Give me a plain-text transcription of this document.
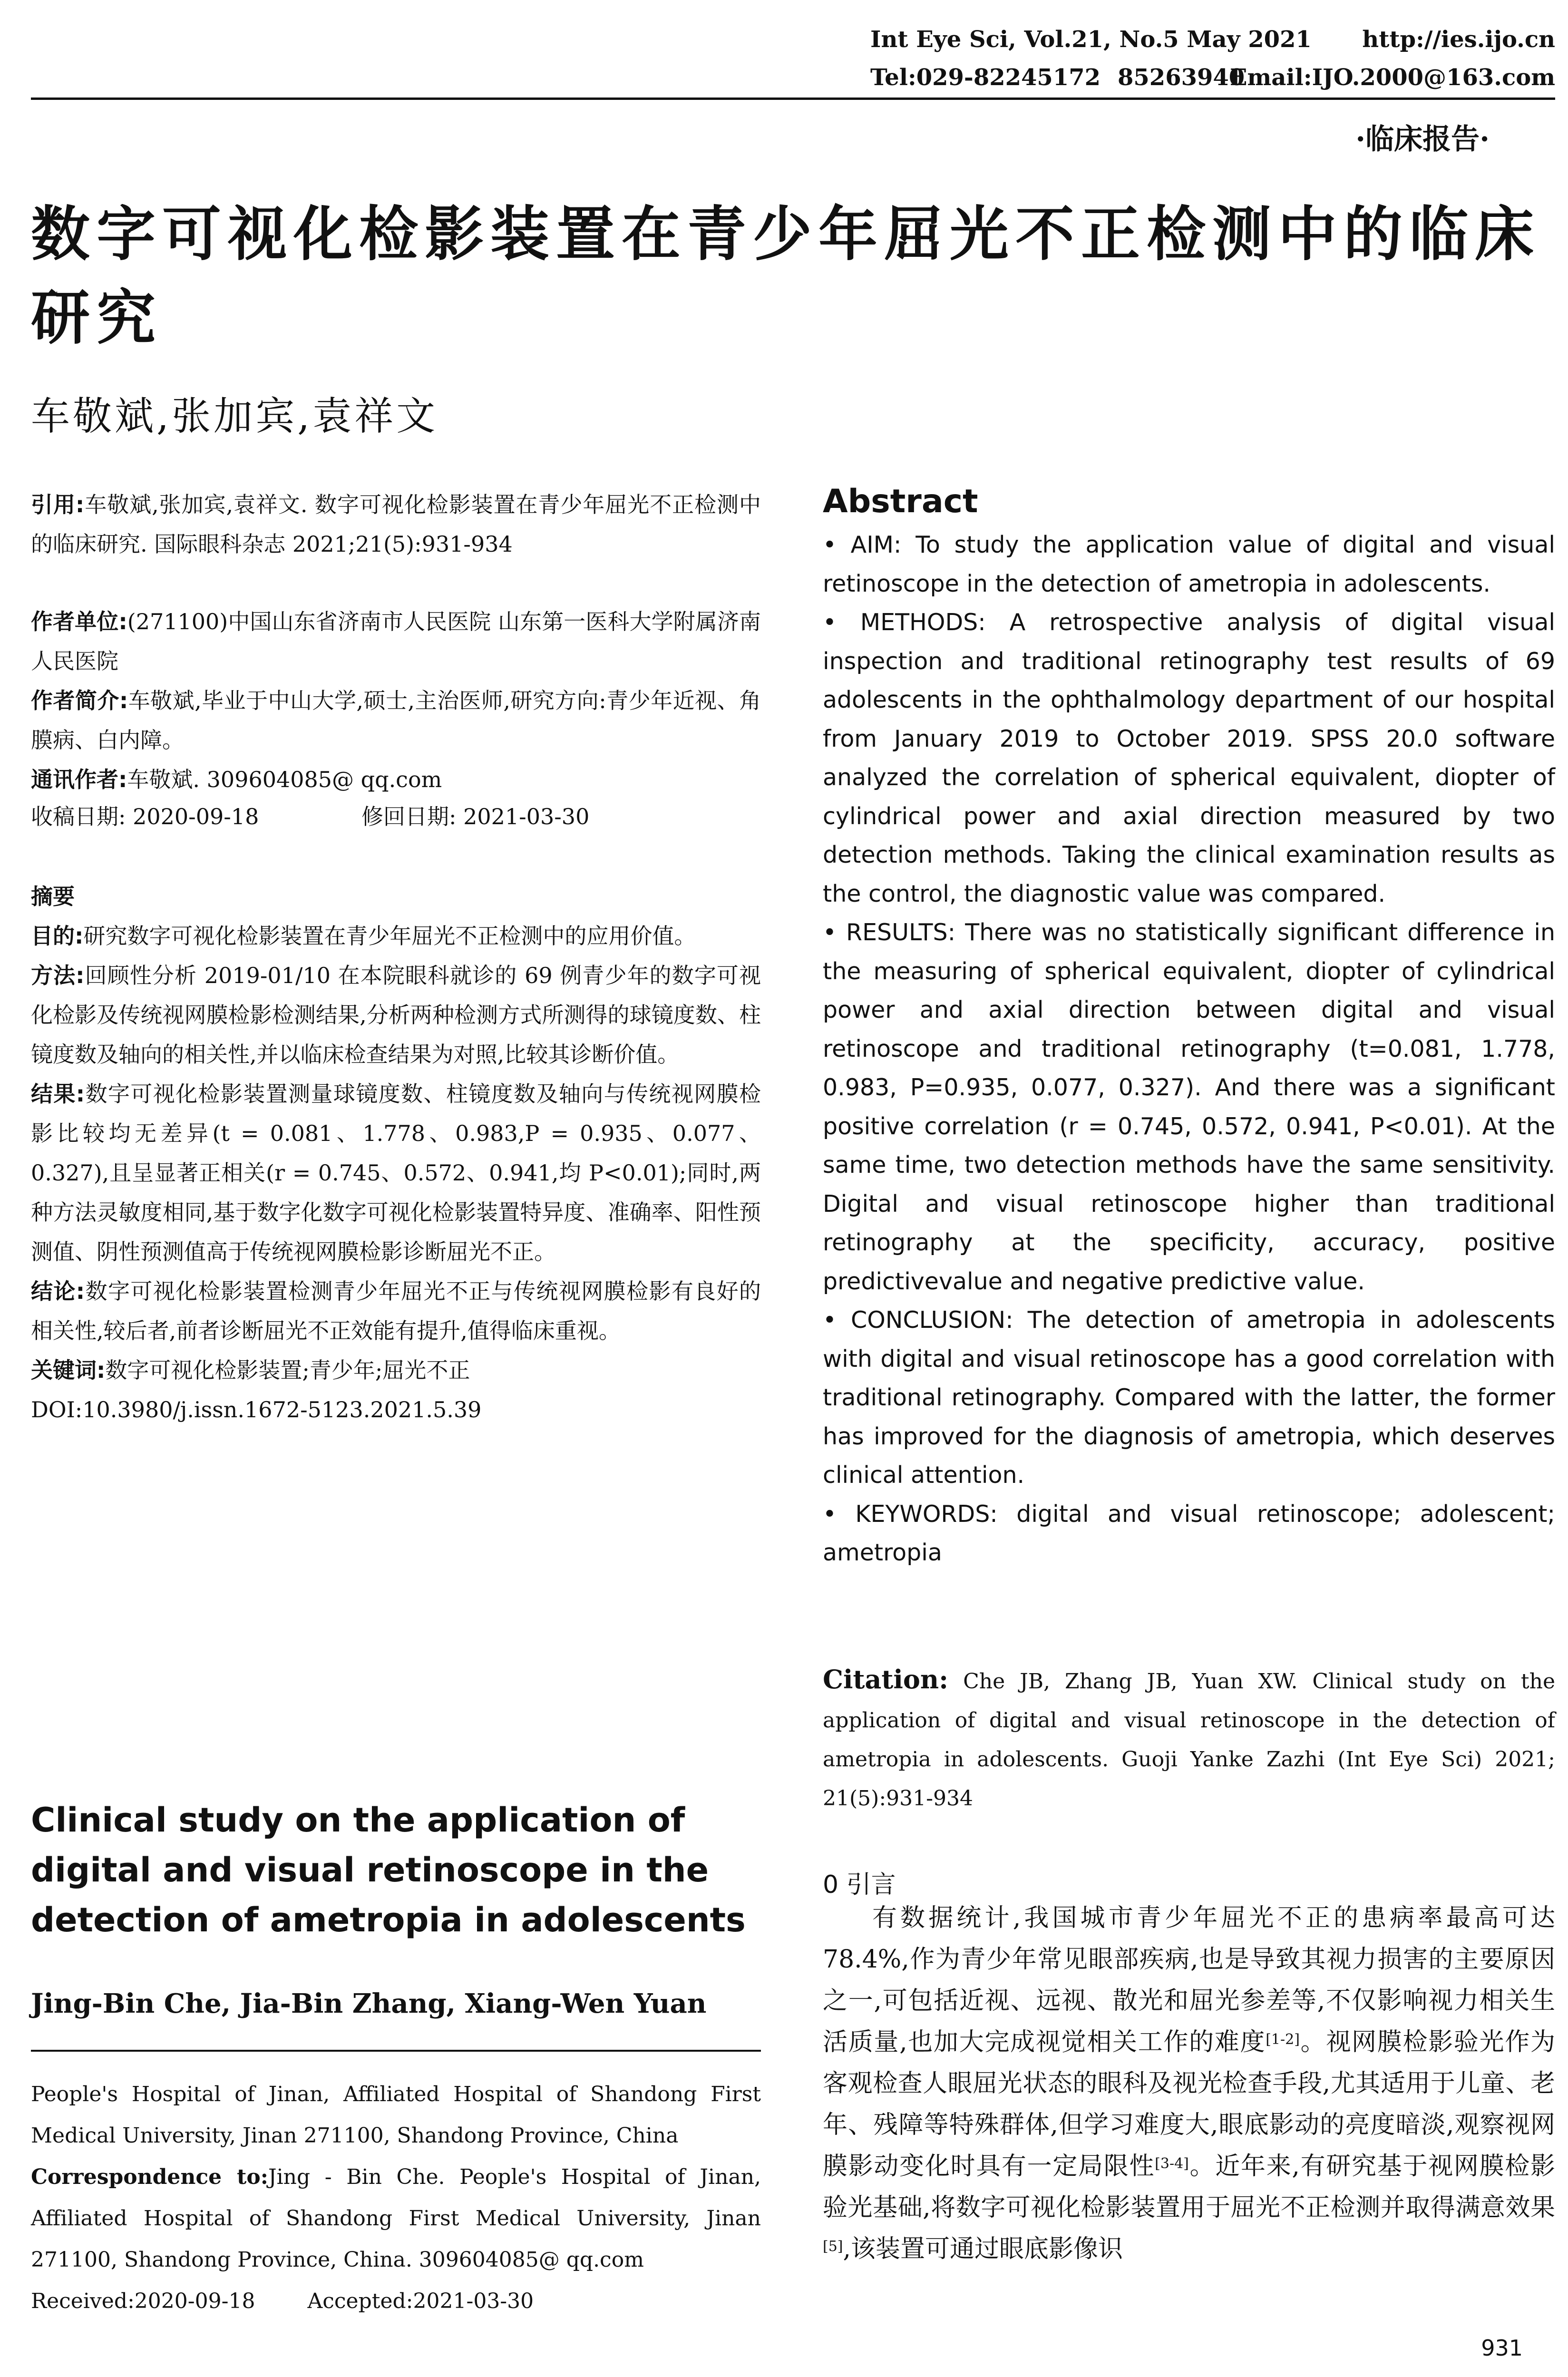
Int Eye Sci, Vol.21, No.5 May 2021 http://ies.ijo.cn
Tel:029-82245172 85263940
Email:IJO.2000@163.com
·临床报告·
数字可视化检影装置在青少年屈光不正检测中的临床研究
车敬斌,张加宾,袁祥文

引用:车敬斌,张加宾,袁祥文. 数字可视化检影装置在青少年屈光不正检测中的临床研究. 国际眼科杂志 2021;21(5):931-934

作者单位:(271100)中国山东省济南市人民医院 山东第一医科大学附属济南人民医院

作者简介:车敬斌,毕业于中山大学,硕士,主治医师,研究方向:青少年近视、角膜病、白内障。

通讯作者:车敬斌. 309604085@ qq.com

收稿日期: 2020-09-18	修回日期: 2021-03-30

摘要

目的:研究数字可视化检影装置在青少年屈光不正检测中的应用价值。

方法:回顾性分析 2019-01/10 在本院眼科就诊的 69 例青少年的数字可视化检影及传统视网膜检影检测结果,分析两种检测方式所测得的球镜度数、柱镜度数及轴向的相关性,并以临床检查结果为对照,比较其诊断价值。

结果:数字可视化检影装置测量球镜度数、柱镜度数及轴向与传统视网膜检影比较均无差异(t = 0.081、1.778、0.983,P = 0.935、0.077、0.327),且呈显著正相关(r = 0.745、0.572、0.941,均 P<0.01);同时,两种方法灵敏度相同,基于数字化数字可视化检影装置特异度、准确率、阳性预测值、阴性预测值高于传统视网膜检影诊断屈光不正。

结论:数字可视化检影装置检测青少年屈光不正与传统视网膜检影有良好的相关性,较后者,前者诊断屈光不正效能有提升,值得临床重视。

关键词:数字可视化检影装置;青少年;屈光不正

DOI:10.3980/j.issn.1672-5123.2021.5.39

Clinical study on the application of digital and visual retinoscope in the detection of ametropia in adolescents
Jing-Bin Che, Jia-Bin Zhang, Xiang-Wen Yuan

People's Hospital of Jinan, Affiliated Hospital of Shandong First Medical University, Jinan 271100, Shandong Province, China

Correspondence to:Jing - Bin Che. People's Hospital of Jinan, Affiliated Hospital of Shandong First Medical University, Jinan 271100, Shandong Province, China. 309604085@ qq.com

Received:2020-09-18	Accepted:2021-03-30

Abstract

• AIM: To study the application value of digital and visual retinoscope in the detection of ametropia in adolescents.

• METHODS: A retrospective analysis of digital visual inspection and traditional retinography test results of 69 adolescents in the ophthalmology department of our hospital from January 2019 to October 2019. SPSS 20.0 software analyzed the correlation of spherical equivalent, diopter of cylindrical power and axial direction measured by two detection methods. Taking the clinical examination results as the control, the diagnostic value was compared.

• RESULTS: There was no statistically significant difference in the measuring of spherical equivalent, diopter of cylindrical power and axial direction between digital and visual retinoscope and traditional retinography (t=0.081, 1.778, 0.983, P=0.935, 0.077, 0.327). And there was a significant positive correlation (r = 0.745, 0.572, 0.941, P<0.01). At the same time, two detection methods have the same sensitivity. Digital and visual retinoscope higher than traditional retinography at the specificity, accuracy, positive predictivevalue and negative predictive value.

• CONCLUSION: The detection of ametropia in adolescents with digital and visual retinoscope has a good correlation with traditional retinography. Compared with the latter, the former has improved for the diagnosis of ametropia, which deserves clinical attention.

• KEYWORDS: digital and visual retinoscope; adolescent; ametropia

Citation: Che JB, Zhang JB, Yuan XW. Clinical study on the application of digital and visual retinoscope in the detection of ametropia in adolescents. Guoji Yanke Zazhi (Int Eye Sci) 2021; 21(5):931-934

0 引言

有数据统计,我国城市青少年屈光不正的患病率最高可达 78.4%,作为青少年常见眼部疾病,也是导致其视力损害的主要原因之一,可包括近视、远视、散光和屈光参差等,不仅影响视力相关生活质量,也加大完成视觉相关工作的难度[1-2]。视网膜检影验光作为客观检查人眼屈光状态的眼科及视光检查手段,尤其适用于儿童、老年、残障等特殊群体,但学习难度大,眼底影动的亮度暗淡,观察视网膜影动变化时具有一定局限性[3-4]。近年来,有研究基于视网膜检影验光基础,将数字可视化检影装置用于屈光不正检测并取得满意效果[5],该装置可通过眼底影像识

931
